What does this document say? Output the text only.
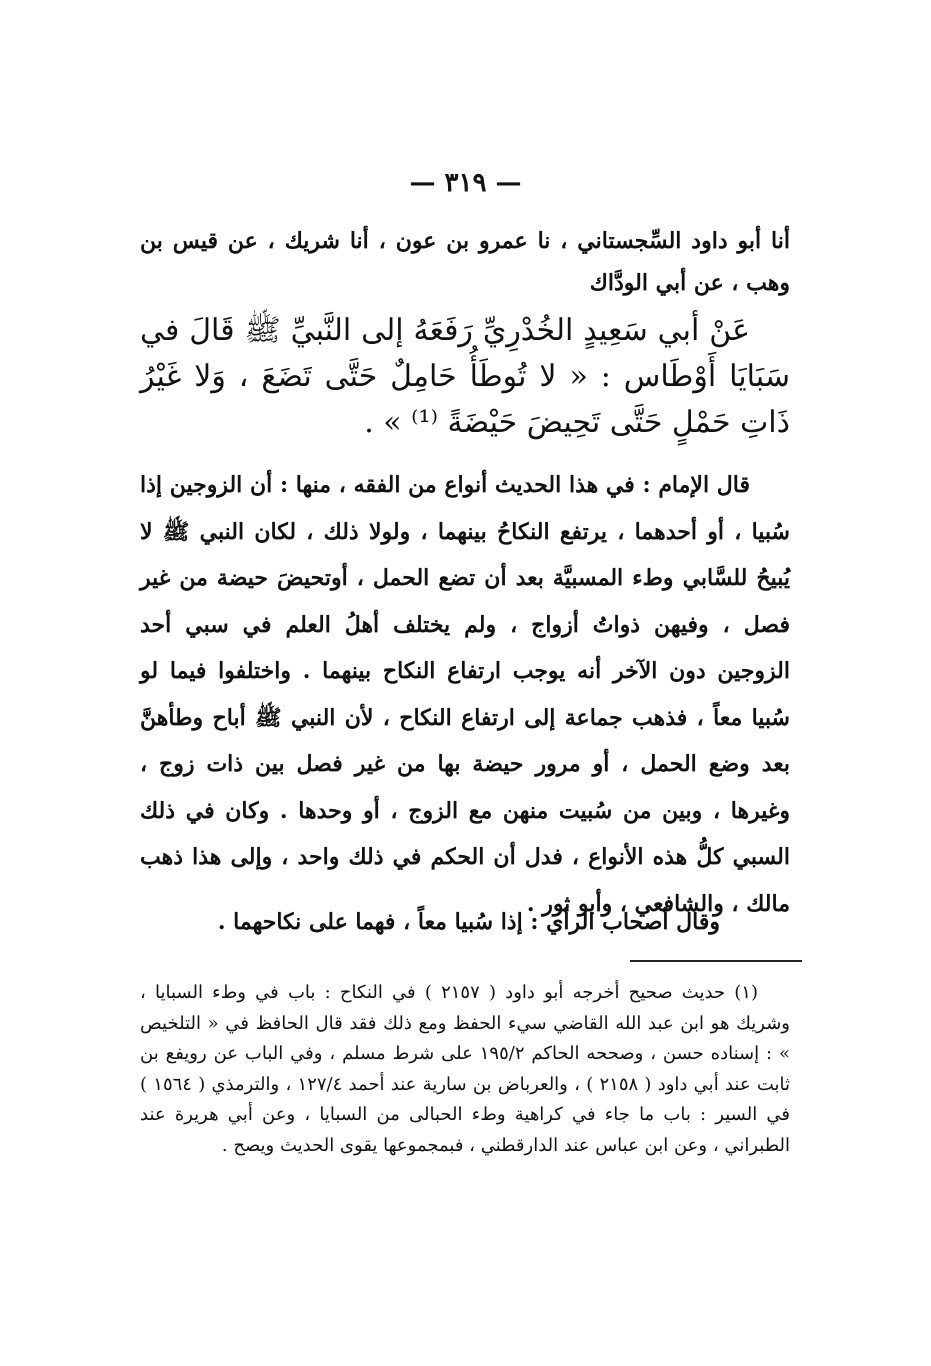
— ٣١٩ —
أنا أبو داود السِّجستاني ، نا عمرو بن عون ، أنا شريك ، عن قيس بن وهب ، عن أبي الودَّاك
عَنْ أبي سَعِيدٍ الخُدْرِيِّ رَفَعَهُ إلى النَّبيِّ ﷺ قَالَ في سَبَايَا أَوْطَاس : « لا تُوطَأُ حَامِلٌ حَتَّى تَضَعَ ، وَلا غَيْرُ ذَاتِ حَمْلٍ حَتَّى تَحِيضَ حَيْضَةً ⁽¹⁾ » .
قال الإمام : في هذا الحديث أنواع من الفقه ، منها : أن الزوجين إذا سُبيا ، أو أحدهما ، يرتفع النكاحُ بينهما ، ولولا ذلك ، لكان النبي ﷺ لا يُبيحُ للسَّابي وطء المسبيَّة بعد أن تضع الحمل ، أوتحيضَ حيضة من غير فصل ، وفيهن ذواتُ أزواج ، ولم يختلف أهلُ العلم في سبي أحد الزوجين دون الآخر أنه يوجب ارتفاع النكاح بينهما . واختلفوا فيما لو سُبيا معاً ، فذهب جماعة إلى ارتفاع النكاح ، لأن النبي ﷺ أباح وطأهنَّ بعد وضع الحمل ، أو مرور حيضة بها من غير فصل بين ذات زوج ، وغيرها ، وبين من سُبيت منهن مع الزوج ، أو وحدها . وكان في ذلك السبي كلُّ هذه الأنواع ، فدل أن الحكم في ذلك واحد ، وإلى هذا ذهب مالك ، والشافعي ، وأبو ثور .
وقال أصحاب الرأي : إذا سُبيا معاً ، فهما على نكاحهما .
(١) حديث صحيح أخرجه أبو داود ( ٢١٥٧ ) في النكاح : باب في وطء السبايا ، وشريك هو ابن عبد الله القاضي سيء الحفظ ومع ذلك فقد قال الحافظ في « التلخيص » : إسناده حسن ، وصححه الحاكم ١٩٥/٢ على شرط مسلم ، وفي الباب عن رويفع بن ثابت عند أبي داود ( ٢١٥٨ ) ، والعرباض بن سارية عند أحمد ١٢٧/٤ ، والترمذي ( ١٥٦٤ ) في السير : باب ما جاء في كراهية وطء الحبالى من السبايا ، وعن أبي هريرة عند الطبراني ، وعن ابن عباس عند الدارقطني ، فبمجموعها يقوى الحديث ويصح .
